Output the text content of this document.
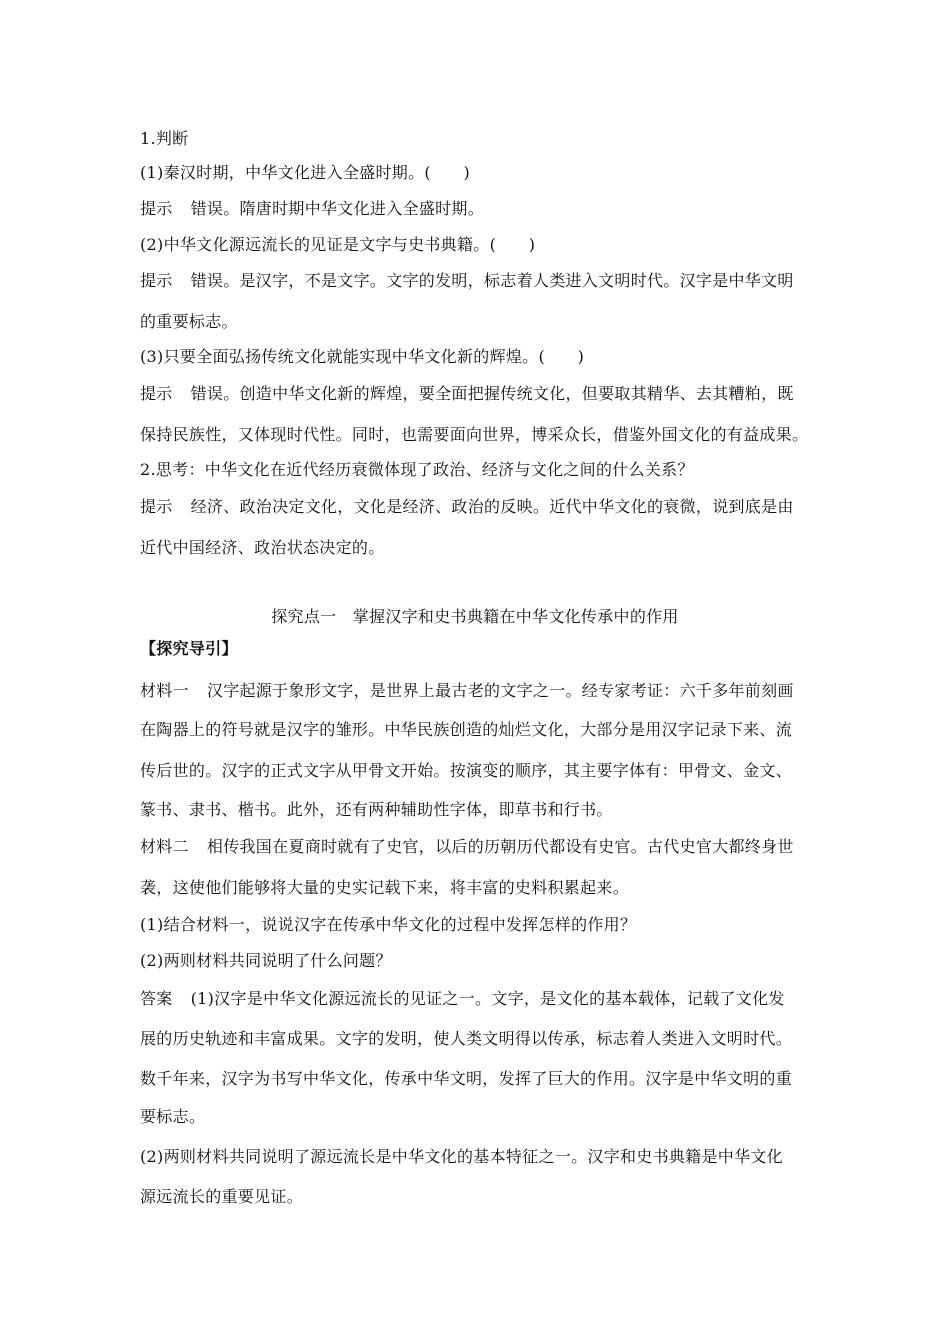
1.判断
(1)秦汉时期，中华文化进入全盛时期。(　　)
提示 错误。隋唐时期中华文化进入全盛时期。
(2)中华文化源远流长的见证是文字与史书典籍。(　　)
提示 错误。是汉字，不是文字。文字的发明，标志着人类进入文明时代。汉字是中华文明
的重要标志。
(3)只要全面弘扬传统文化就能实现中华文化新的辉煌。(　　)
提示 错误。创造中华文化新的辉煌，要全面把握传统文化，但要取其精华、去其糟粕，既
保持民族性，又体现时代性。同时，也需要面向世界，博采众长，借鉴外国文化的有益成果。
2.思考：中华文化在近代经历衰微体现了政治、经济与文化之间的什么关系？
提示 经济、政治决定文化，文化是经济、政治的反映。近代中华文化的衰微，说到底是由
近代中国经济、政治状态决定的。
探究点一　掌握汉字和史书典籍在中华文化传承中的作用
【探究导引】
材料一 汉字起源于象形文字，是世界上最古老的文字之一。经专家考证：六千多年前刻画
在陶器上的符号就是汉字的雏形。中华民族创造的灿烂文化，大部分是用汉字记录下来、流
传后世的。汉字的正式文字从甲骨文开始。按演变的顺序，其主要字体有：甲骨文、金文、
篆书、隶书、楷书。此外，还有两种辅助性字体，即草书和行书。
材料二 相传我国在夏商时就有了史官，以后的历朝历代都设有史官。古代史官大都终身世
袭，这使他们能够将大量的史实记载下来，将丰富的史料积累起来。
(1)结合材料一，说说汉字在传承中华文化的过程中发挥怎样的作用？
(2)两则材料共同说明了什么问题？
答案 (1)汉字是中华文化源远流长的见证之一。文字，是文化的基本载体，记载了文化发
展的历史轨迹和丰富成果。文字的发明，使人类文明得以传承，标志着人类进入文明时代。
数千年来，汉字为书写中华文化，传承中华文明，发挥了巨大的作用。汉字是中华文明的重
要标志。
(2)两则材料共同说明了源远流长是中华文化的基本特征之一。汉字和史书典籍是中华文化
源远流长的重要见证。
